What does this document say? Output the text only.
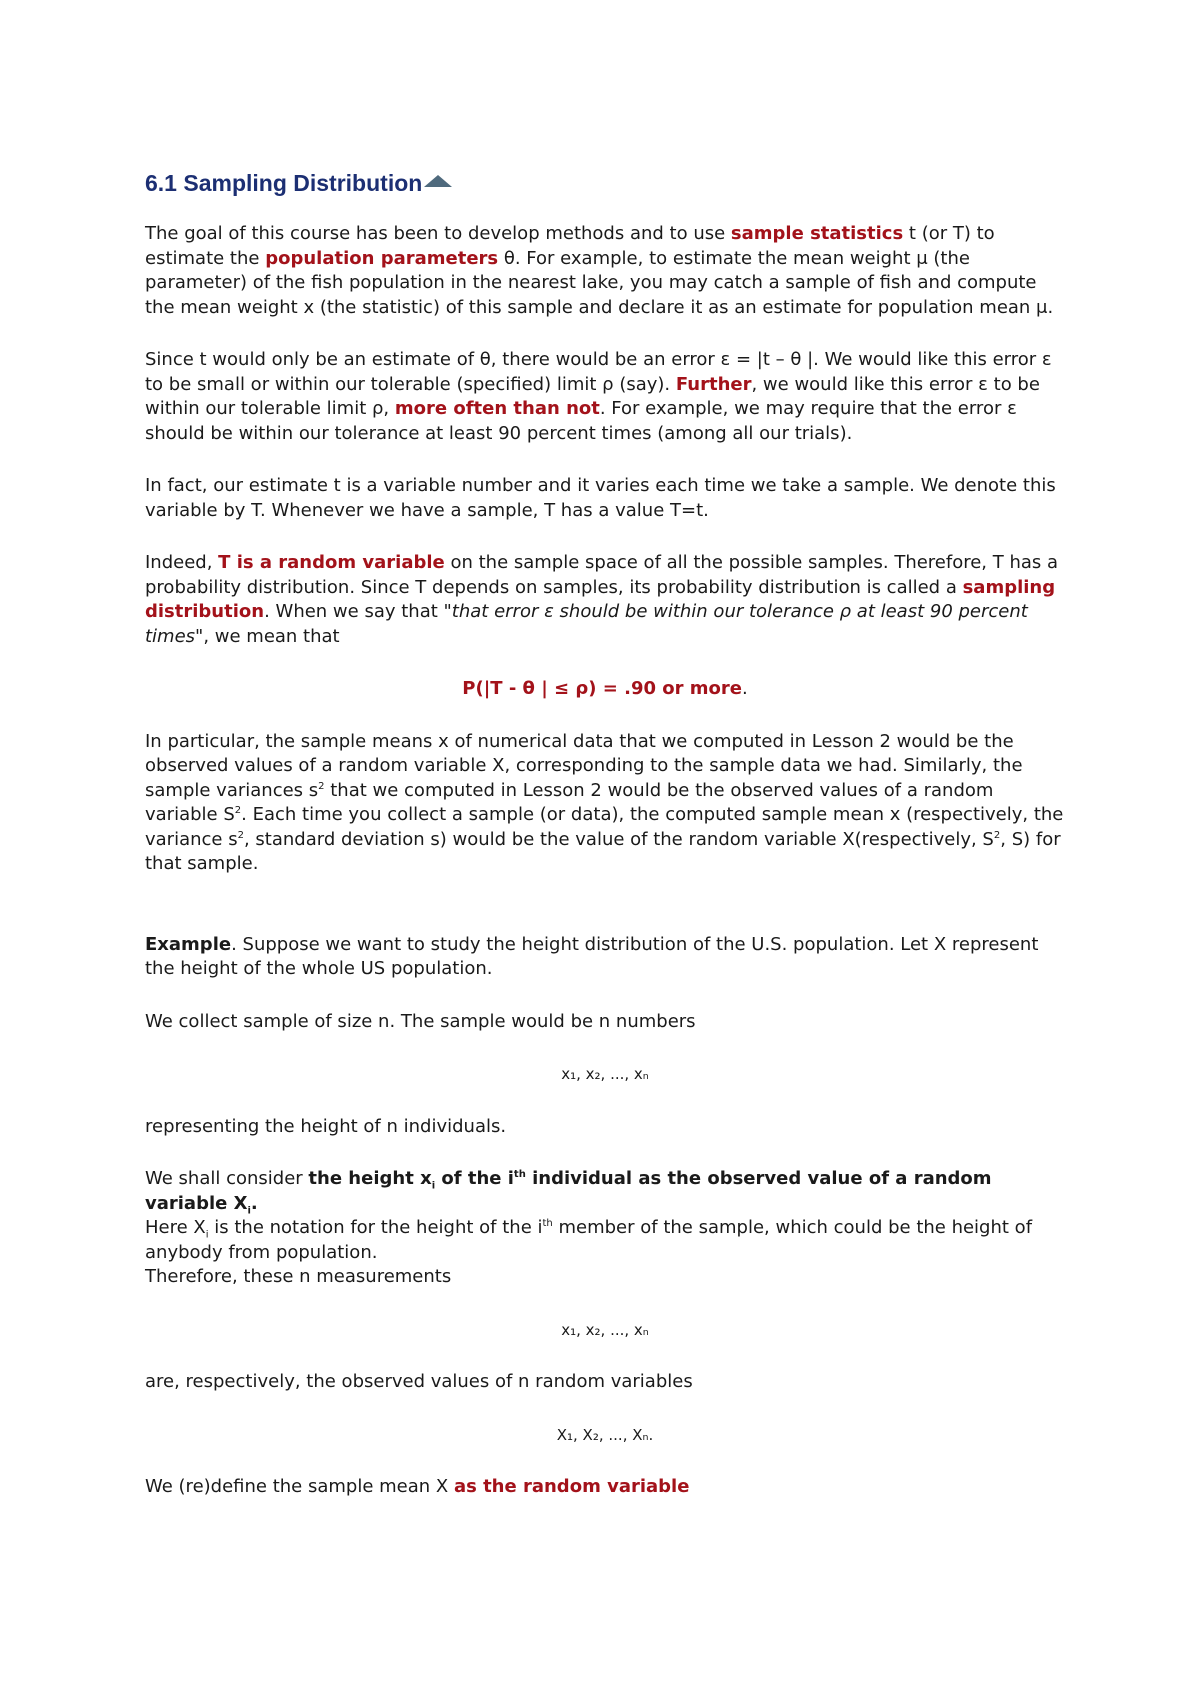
6.1 Sampling Distribution

The goal of this course has been to develop methods and to use sample statistics t (or T) to estimate the population parameters θ. For example, to estimate the mean weight μ (the parameter) of the fish population in the nearest lake, you may catch a sample of fish and compute the mean weight x (the statistic) of this sample and declare it as an estimate for population mean μ.

Since t would only be an estimate of θ, there would be an error ε = |t – θ |. We would like this error ε to be small or within our tolerable (specified) limit ρ (say). Further, we would like this error ε to be within our tolerable limit ρ, more often than not. For example, we may require that the error ε should be within our tolerance at least 90 percent times (among all our trials).

In fact, our estimate t is a variable number and it varies each time we take a sample. We denote this variable by T. Whenever we have a sample, T has a value T=t.

Indeed, T is a random variable on the sample space of all the possible samples. Therefore, T has a probability distribution. Since T depends on samples, its probability distribution is called a sampling distribution. When we say that "that error ε should be within our tolerance ρ at least 90 percent times", we mean that

P(|T - θ | ≤ ρ) = .90 or more.

In particular, the sample means x of numerical data that we computed in Lesson 2 would be the observed values of a random variable X, corresponding to the sample data we had. Similarly, the sample variances $s^2$ that we computed in Lesson 2 would be the observed values of a random variable $S^2$. Each time you collect a sample (or data), the computed sample mean x (respectively, the variance $s^2$, standard deviation s) would be the value of the random variable X(respectively, $S^2$, S) for that sample.

Example. Suppose we want to study the height distribution of the U.S. population. Let X represent the height of the whole US population.

We collect sample of size n. The sample would be n numbers

x₁, x₂, ..., xₙ

representing the height of n individuals.

We shall consider the height $x_i$ of the $i^{th}$ individual as the observed value of a random variable $X_i$.
Here $X_i$ is the notation for the height of the $i^{th}$ member of the sample, which could be the height of anybody from population.
Therefore, these n measurements

x₁, x₂, ..., xₙ

are, respectively, the observed values of n random variables

X₁, X₂, ..., Xₙ.

We (re)define the sample mean X as the random variable
